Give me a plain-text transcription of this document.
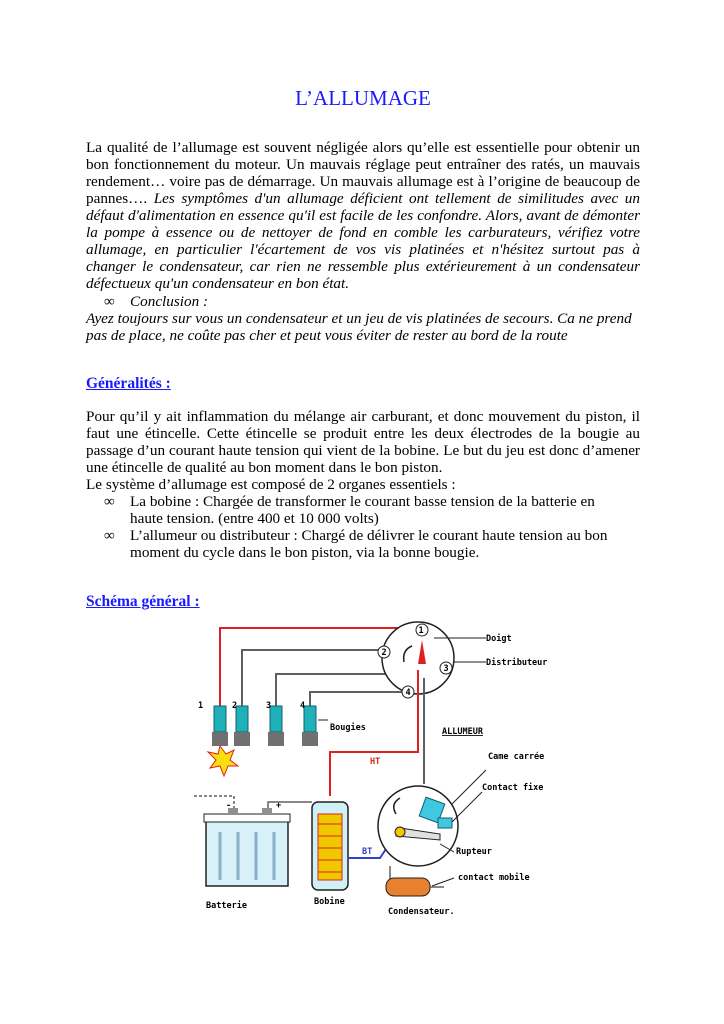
L’ALLUMAGE
La qualité de l’allumage est souvent négligée alors qu’elle est essentielle pour obtenir un bon fonctionnement du moteur. Un mauvais réglage peut entraîner des ratés, un mauvais rendement… voire pas de démarrage. Un mauvais allumage est à l’origine de beaucoup de pannes…. Les symptômes d'un allumage déficient ont tellement de similitudes avec un défaut d'alimentation en essence qu'il est facile de les confondre. Alors, avant de démonter la pompe à essence ou de nettoyer de fond en comble les carburateurs, vérifiez votre allumage, en particulier l'écartement de vos vis platinées et n'hésitez surtout pas à changer le condensateur, car rien ne ressemble plus extérieurement à un condensateur défectueux qu'un condensateur en bon état.
∞ Conclusion :
Ayez toujours sur vous un condensateur et un jeu de vis platinées de secours. Ca ne prend pas de place, ne coûte pas cher et peut vous éviter de rester au bord de la route
Généralités :
Pour qu’il y ait inflammation du mélange air carburant, et donc mouvement du piston, il faut une étincelle. Cette étincelle se produit entre les deux électrodes de la bougie au passage d’un courant haute tension qui vient de la bobine. Le but du jeu est donc d’amener une étincelle de qualité au bon moment dans le bon piston.
Le système d’allumage est composé de 2 organes essentiels :
∞ La bobine : Chargée de transformer le courant basse tension de la batterie en
haute tension. (entre 400 et 10 000 volts)
∞ L’allumeur ou distributeur : Chargé de délivrer le courant haute tension au bon
moment du cycle dans le bon piston, via la bonne bougie.
Schéma général :
1
2
3
4
1	2	3	4
-	+
Doigt
Distributeur
Bougies	ALLUMEUR
HT	Came carrée
Contact fixe
Rupteur
BT
contact mobile
Condensateur.
Batterie	Bobine
